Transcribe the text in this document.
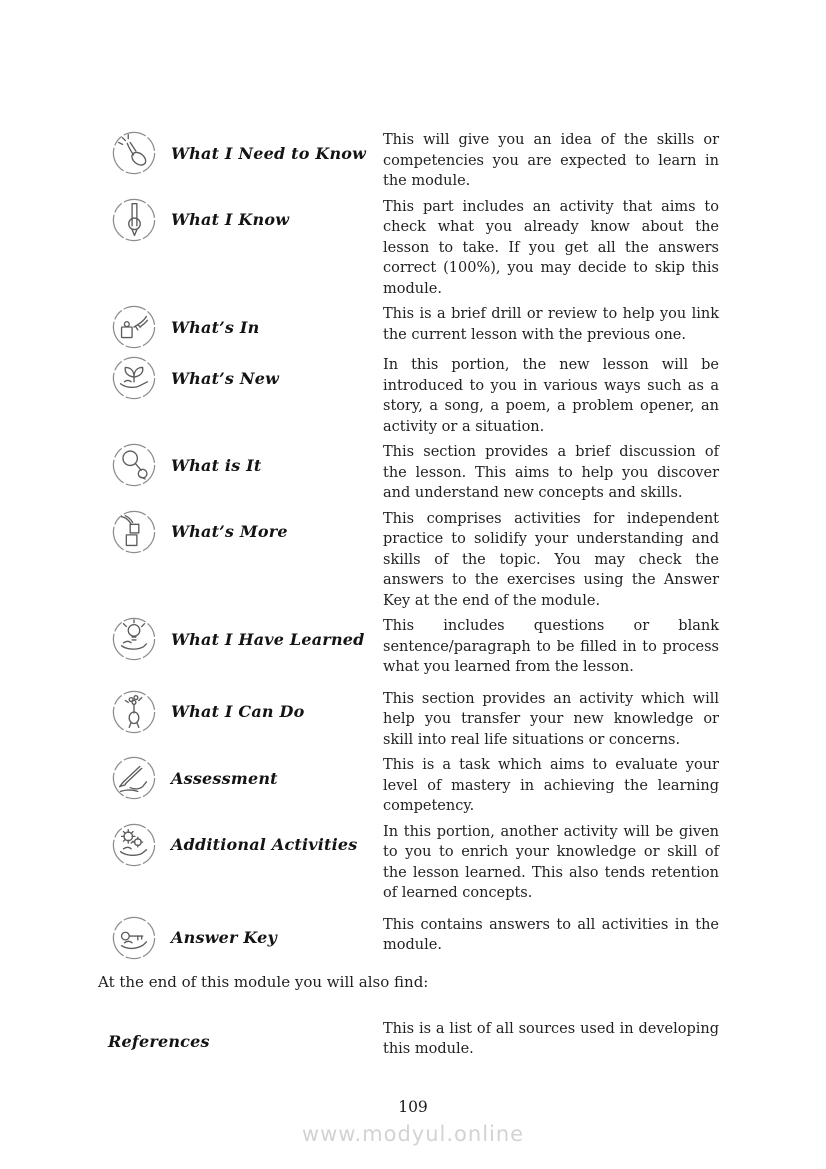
What I Need to Know
This will give you an idea of the skills or competencies you are expected to learn in the module.
What I Know
This part includes an activity that aims to check what you already know about the lesson to take. If you get all the answers correct (100%), you may decide to skip this module.
What’s In
This is a brief drill or review to help you link the current lesson with the previous one.
What’s New
In this portion, the new lesson will be introduced to you in various ways such as a story, a song, a poem, a problem opener, an activity or a situation.
What is It
This section provides a brief discussion of the lesson. This aims to help you discover and understand new concepts and skills.
What’s More
This comprises activities for independent practice to solidify your understanding and skills of the topic. You may check the answers to the exercises using the Answer Key at the end of the module.
What I Have Learned
This includes questions or blank sentence/paragraph to be filled in to process what you learned from the lesson.
What I Can Do
This section provides an activity which will help you transfer your new knowledge or skill into real life situations or concerns.
Assessment
This is a task which aims to evaluate your level of mastery in achieving the learning competency.
Additional Activities
In this portion, another activity will be given to you to enrich your knowledge or skill of the lesson learned. This also tends retention of learned concepts.
Answer Key
This contains answers to all activities in the module.

At the end of this module you will also find:

References
This is a list of all sources used in developing this module.
109
www.modyul.online
